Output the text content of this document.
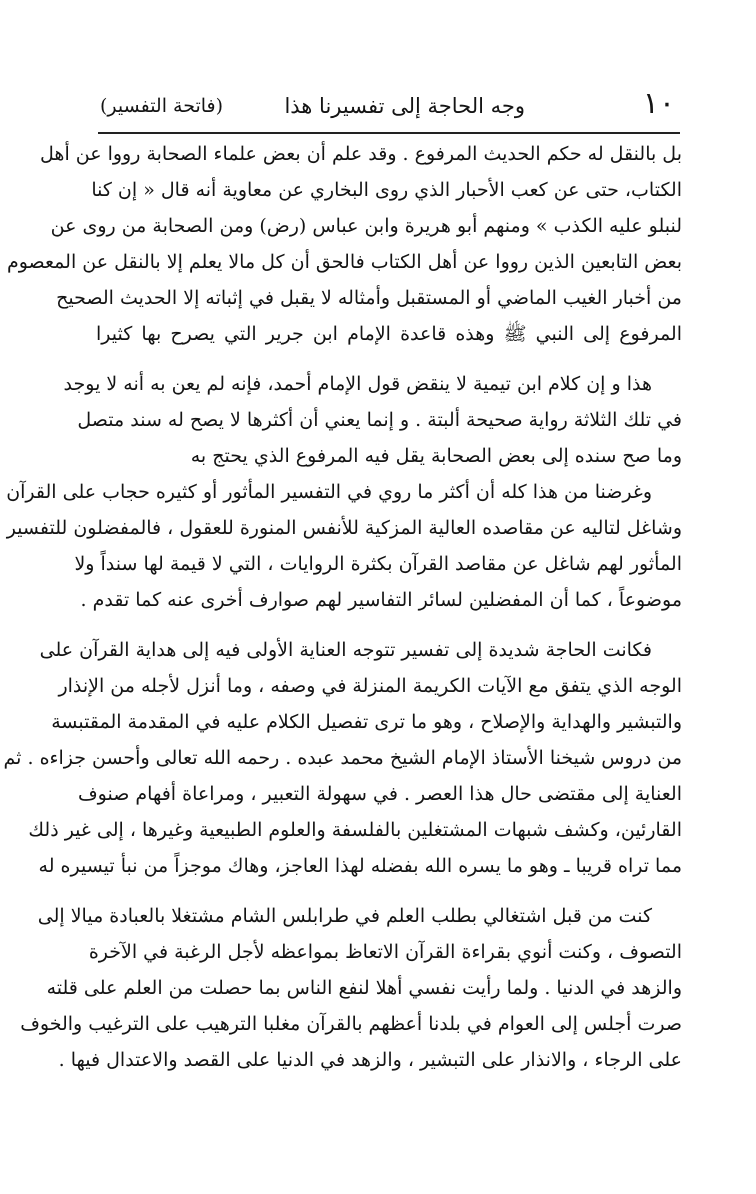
١٠
وجه الحاجة إلى تفسيرنا هذا
(فاتحة التفسير)
بل بالنقل له حكم الحديث المرفوع . وقد علم أن بعض علماء الصحابة رووا عن أهل
الكتاب، حتى عن كعب الأحبار الذي روى البخاري عن معاوية أنه قال « إن كنا
لنبلو عليه الكذب » ومنهم أبو هريرة وابن عباس (رض) ومن الصحابة من روى عن
بعض التابعين الذين رووا عن أهل الكتاب فالحق أن كل مالا يعلم إلا بالنقل عن المعصوم
من أخبار الغيب الماضي أو المستقبل وأمثاله لا يقبل في إثباته إلا الحديث الصحيح
المرفوع إلى النبي ﷺ وهذه قاعدة الإمام ابن جرير التي يصرح بها كثيرا
هذا و إن كلام ابن تيمية لا ينقض قول الإمام أحمد، فإنه لم يعن به أنه لا يوجد
في تلك الثلاثة رواية صحيحة ألبتة . و إنما يعني أن أكثرها لا يصح له سند متصل
وما صح سنده إلى بعض الصحابة يقل فيه المرفوع الذي يحتج به
وغرضنا من هذا كله أن أكثر ما روي في التفسير المأثور أو كثيره حجاب على القرآن
وشاغل لتاليه عن مقاصده العالية المزكية للأنفس المنورة للعقول ، فالمفضلون للتفسير
المأثور لهم شاغل عن مقاصد القرآن بكثرة الروايات ، التي لا قيمة لها سنداً ولا
موضوعاً ، كما أن المفضلين لسائر التفاسير لهم صوارف أخرى عنه كما تقدم .
فكانت الحاجة شديدة إلى تفسير تتوجه العناية الأولى فيه إلى هداية القرآن على
الوجه الذي يتفق مع الآيات الكريمة المنزلة في وصفه ، وما أنزل لأجله من الإنذار
والتبشير والهداية والإصلاح ، وهو ما ترى تفصيل الكلام عليه في المقدمة المقتبسة
من دروس شيخنا الأستاذ الإمام الشيخ محمد عبده . رحمه الله تعالى وأحسن جزاءه . ثم
العناية إلى مقتضى حال هذا العصر . في سهولة التعبير ، ومراعاة أفهام صنوف
القارئين، وكشف شبهات المشتغلين بالفلسفة والعلوم الطبيعية وغيرها ، إلى غير ذلك
مما تراه قريبا ـ وهو ما يسره الله بفضله لهذا العاجز، وهاك موجزاً من نبأ تيسيره له
كنت من قبل اشتغالي بطلب العلم في طرابلس الشام مشتغلا بالعبادة ميالا إلى
التصوف ، وكنت أنوي بقراءة القرآن الاتعاظ بمواعظه لأجل الرغبة في الآخرة
والزهد في الدنيا . ولما رأيت نفسي أهلا لنفع الناس بما حصلت من العلم على قلته
صرت أجلس إلى العوام في بلدنا أعظهم بالقرآن مغلبا الترهيب على الترغيب والخوف
على الرجاء ، والانذار على التبشير ، والزهد في الدنيا على القصد والاعتدال فيها .
